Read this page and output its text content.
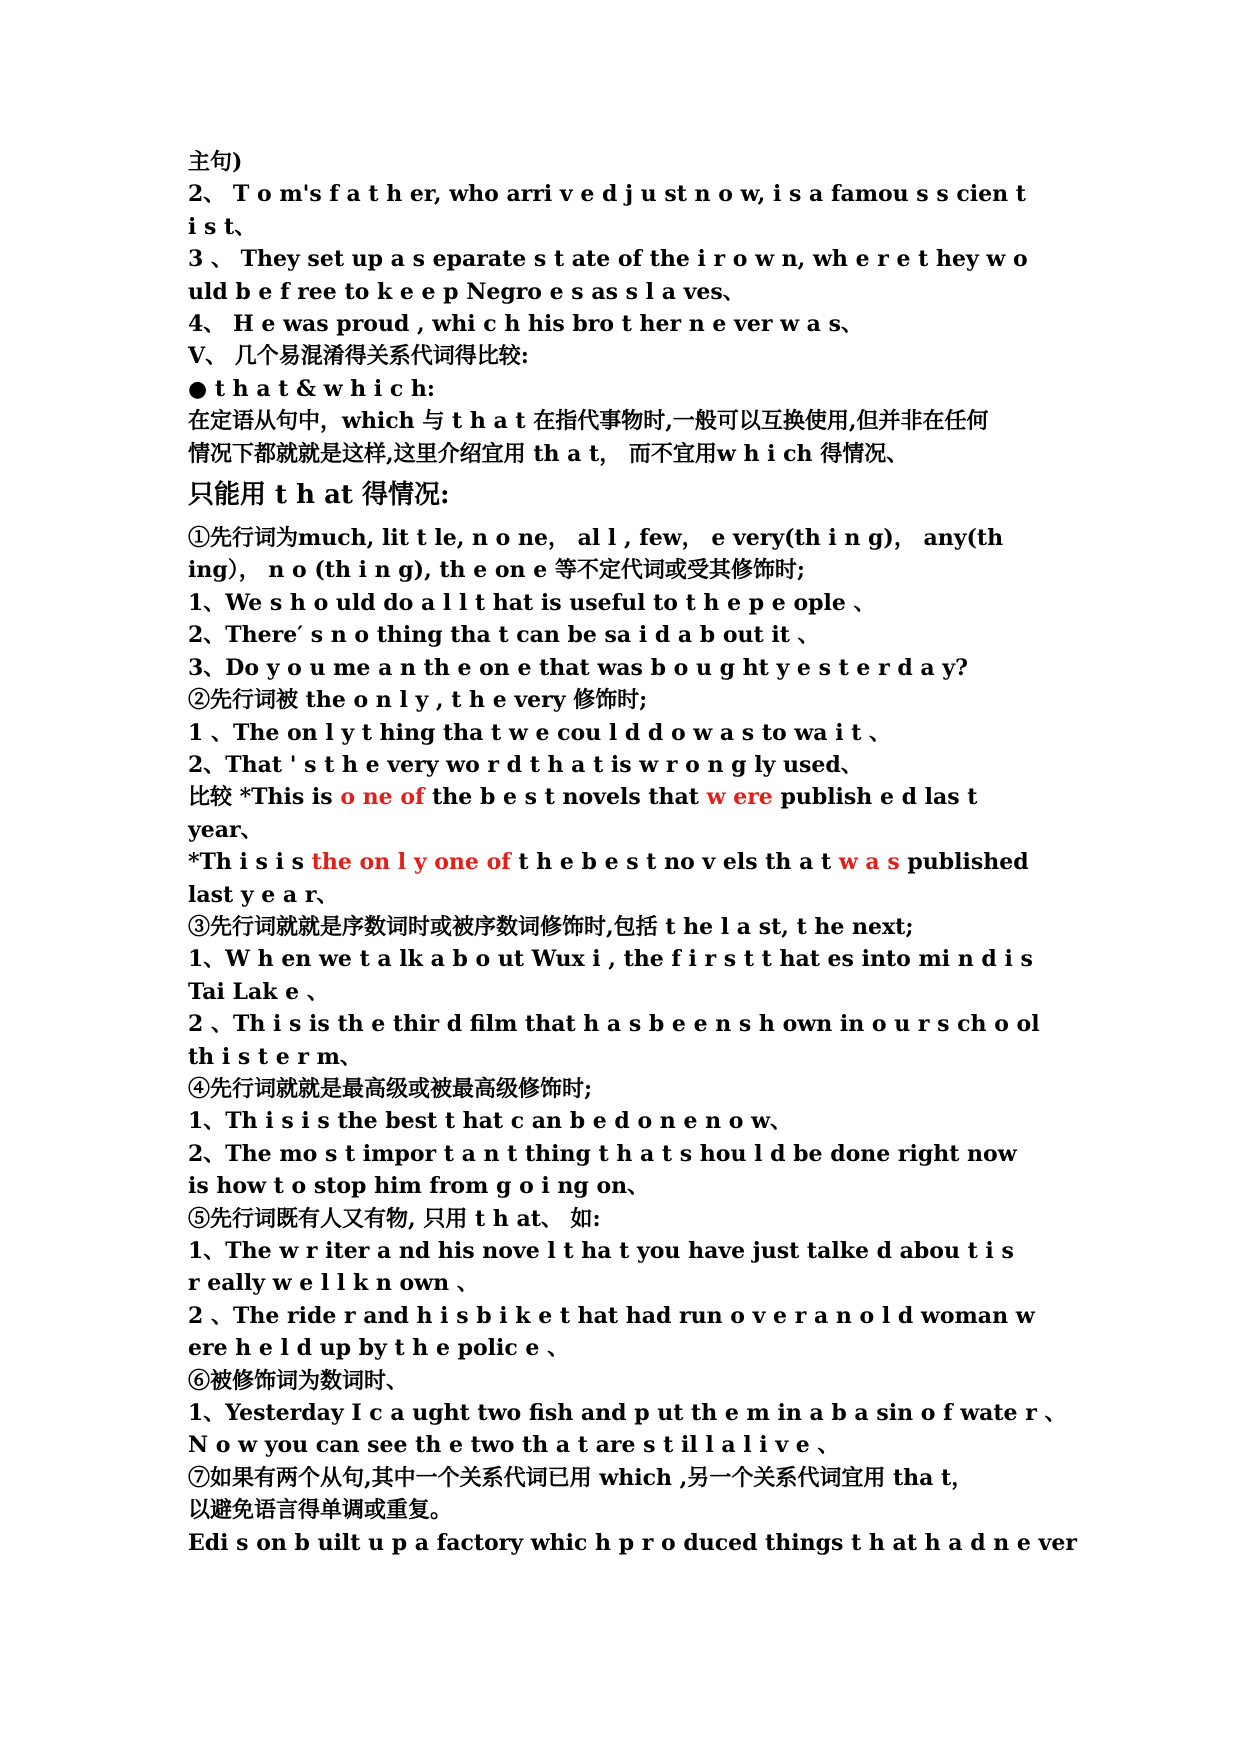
主句)
2、 T o m's f a t h er, who arri v e d j u st n o w, i s a famou s s cien t
i s t、
3 、 They set up a s eparate s t ate of the i r o w n, wh e r e t hey w o
uld b e f ree to k e e p Negro e s as s l a ves、
4、 H e was proud , whi c h his bro t her n e ver w a s、
Ⅴ、 几个易混淆得关系代词得比较:
● t h a t & w h i c h:
在定语从句中，which 与 t h a t 在指代事物时,一般可以互换使用,但并非在任何
情况下都就就是这样,这里介绍宜用 th a t， 而不宜用w h i ch 得情况、
只能用 t h at 得情况:
①先行词为much, lit t le, n o ne， al l , few， e very(th i n g)， any(th
ing）， n o (th i n g), th e on e 等不定代词或受其修饰时;
1、We s h o uld do a l l t hat is useful to t h e p e ople 、
2、There′ s n o thing tha t can be sa i d a b out it 、
3、Do y o u me a n th e on e that was b o u g ht y e s t e r d a y?
②先行词被 the o n l y , t h e very 修饰时;
1 、The on l y t hing tha t w e cou l d d o w a s to wa i t 、
2、That ' s t h e very wo r d t h a t is w r o n g ly used、
比较 *This is o ne of the b e s t novels that w ere publish e d las t
year、
*Th i s i s the on l y one of t h e b e s t no v els th a t w a s published
last y e a r、
③先行词就就是序数词时或被序数词修饰时,包括 t he l a st, t he next;
1、W h en we t a lk a b o ut Wux i , the f i r s t t hat es into mi n d i s
Tai Lak e 、
2 、Th i s is th e thir d film that h a s b e e n s h own in o u r s ch o ol
th i s t e r m、
④先行词就就是最高级或被最高级修饰时;
1、Th i s i s the best t hat c an b e d o n e n o w、
2、The mo s t impor t a n t thing t h a t s hou l d be done right now
is how t o stop him from g o i ng on、
⑤先行词既有人又有物, 只用 t h at、 如:
1、The w r iter a nd his nove l t ha t you have just talke d abou t i s
r eally w e l l k n own 、
2 、The ride r and h i s b i k e t hat had run o v e r a n o l d woman w
ere h e l d up by t h e polic e 、
⑥被修饰词为数词时、
1、Yesterday I c a ught two fish and p ut th e m in a b a sin o f wate r 、
N o w you can see th e two th a t are s t il l a l i v e 、
⑦如果有两个从句,其中一个关系代词已用 which ,另一个关系代词宜用 tha t，
以避免语言得单调或重复。
Edi s on b uilt u p a factory whic h p r o duced things t h at h a d n e ver
